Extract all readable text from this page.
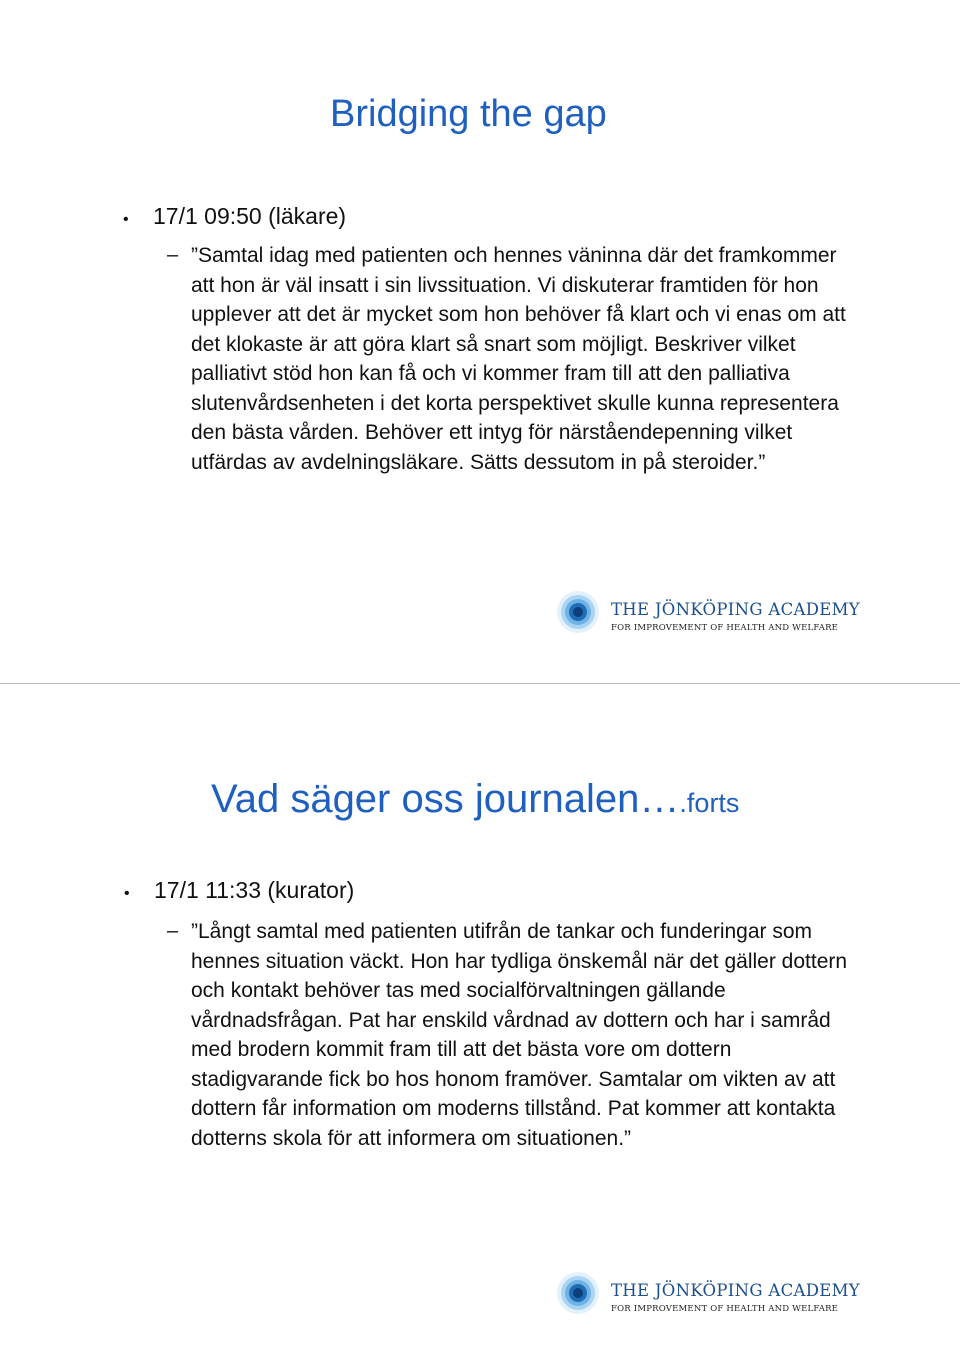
Bridging the gap
•	17/1 09:50 (läkare)
– ”Samtal idag med patienten och hennes väninna där det framkommer att hon är väl insatt i sin livssituation. Vi diskuterar framtiden för hon upplever att det är mycket som hon behöver få klart och vi enas om att det klokaste är att göra klart så snart som möjligt. Beskriver vilket palliativt stöd hon kan få och vi kommer fram till att den palliativa slutenvårdsenheten i det korta perspektivet skulle kunna representera den bästa vården. Behöver ett intyg för närståendepenning vilket utfärdas av avdelningsläkare. Sätts dessutom in på steroider.”
THE JÖNKÖPING ACADEMY
FOR IMPROVEMENT OF HEALTH AND WELFARE
Vad säger oss journalen….forts
•	17/1 11:33 (kurator)
– ”Långt samtal med patienten utifrån de tankar och funderingar som hennes situation väckt. Hon har tydliga önskemål när det gäller dottern och kontakt behöver tas med socialförvaltningen gällande vårdnadsfrågan. Pat har enskild vårdnad av dottern och har i samråd med brodern kommit fram till att det bästa vore om dottern stadigvarande fick bo hos honom framöver. Samtalar om vikten av att dottern får information om moderns tillstånd. Pat kommer att kontakta dotterns skola för att informera om situationen.”
THE JÖNKÖPING ACADEMY
FOR IMPROVEMENT OF HEALTH AND WELFARE
